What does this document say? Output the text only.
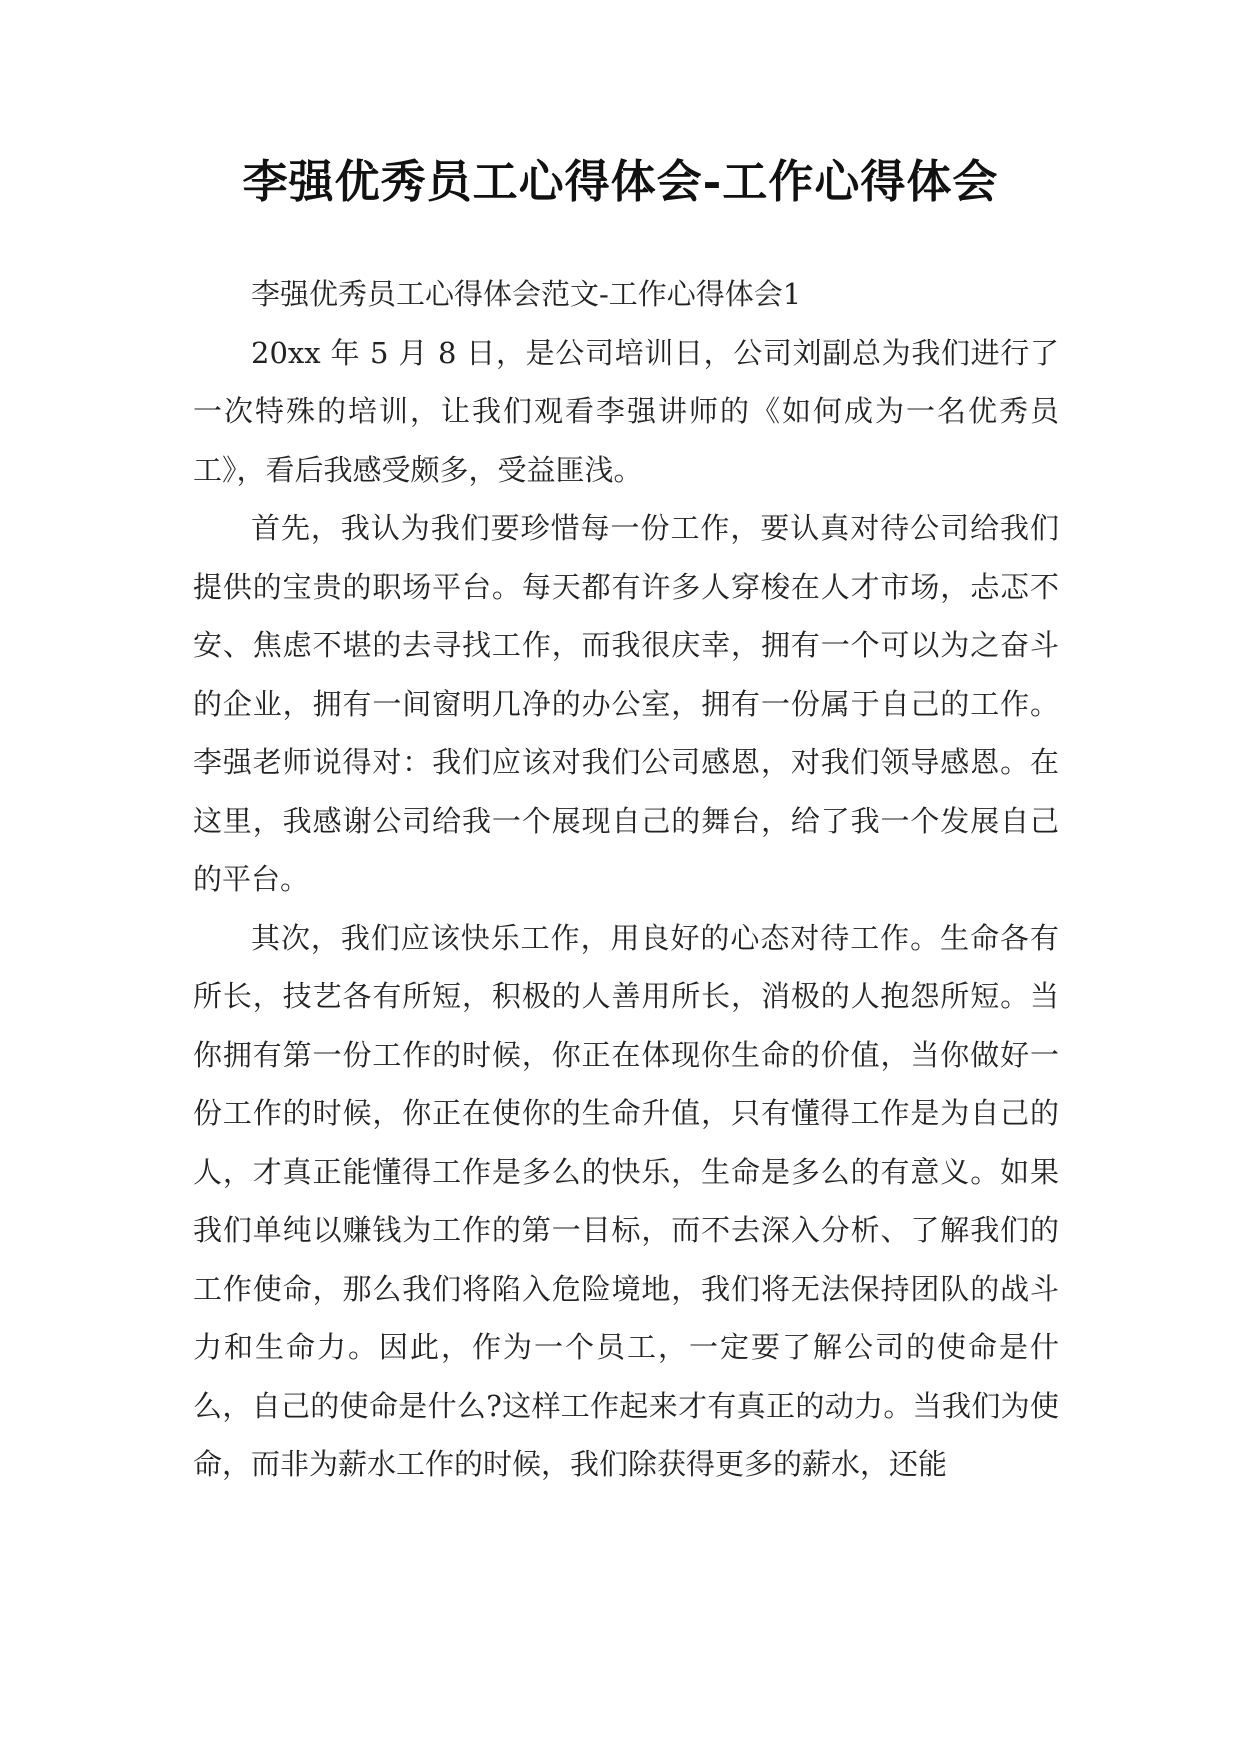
李强优秀员工心得体会-工作心得体会

李强优秀员工心得体会范文-工作心得体会1

20xx 年 5 月 8 日，是公司培训日，公司刘副总为我们进行了一次特殊的培训，让我们观看李强讲师的《如何成为一名优秀员工》，看后我感受颇多，受益匪浅。

首先，我认为我们要珍惜每一份工作，要认真对待公司给我们提供的宝贵的职场平台。每天都有许多人穿梭在人才市场，忐忑不安、焦虑不堪的去寻找工作，而我很庆幸，拥有一个可以为之奋斗的企业，拥有一间窗明几净的办公室，拥有一份属于自己的工作。李强老师说得对：我们应该对我们公司感恩，对我们领导感恩。在这里，我感谢公司给我一个展现自己的舞台，给了我一个发展自己的平台。

其次，我们应该快乐工作，用良好的心态对待工作。生命各有所长，技艺各有所短，积极的人善用所长，消极的人抱怨所短。当你拥有第一份工作的时候，你正在体现你生命的价值，当你做好一份工作的时候，你正在使你的生命升值，只有懂得工作是为自己的人，才真正能懂得工作是多么的快乐，生命是多么的有意义。如果我们单纯以赚钱为工作的第一目标，而不去深入分析、了解我们的工作使命，那么我们将陷入危险境地，我们将无法保持团队的战斗力和生命力。因此，作为一个员工，一定要了解公司的使命是什么，自己的使命是什么?这样工作起来才有真正的动力。当我们为使命，而非为薪水工作的时候，我们除获得更多的薪水，还能
